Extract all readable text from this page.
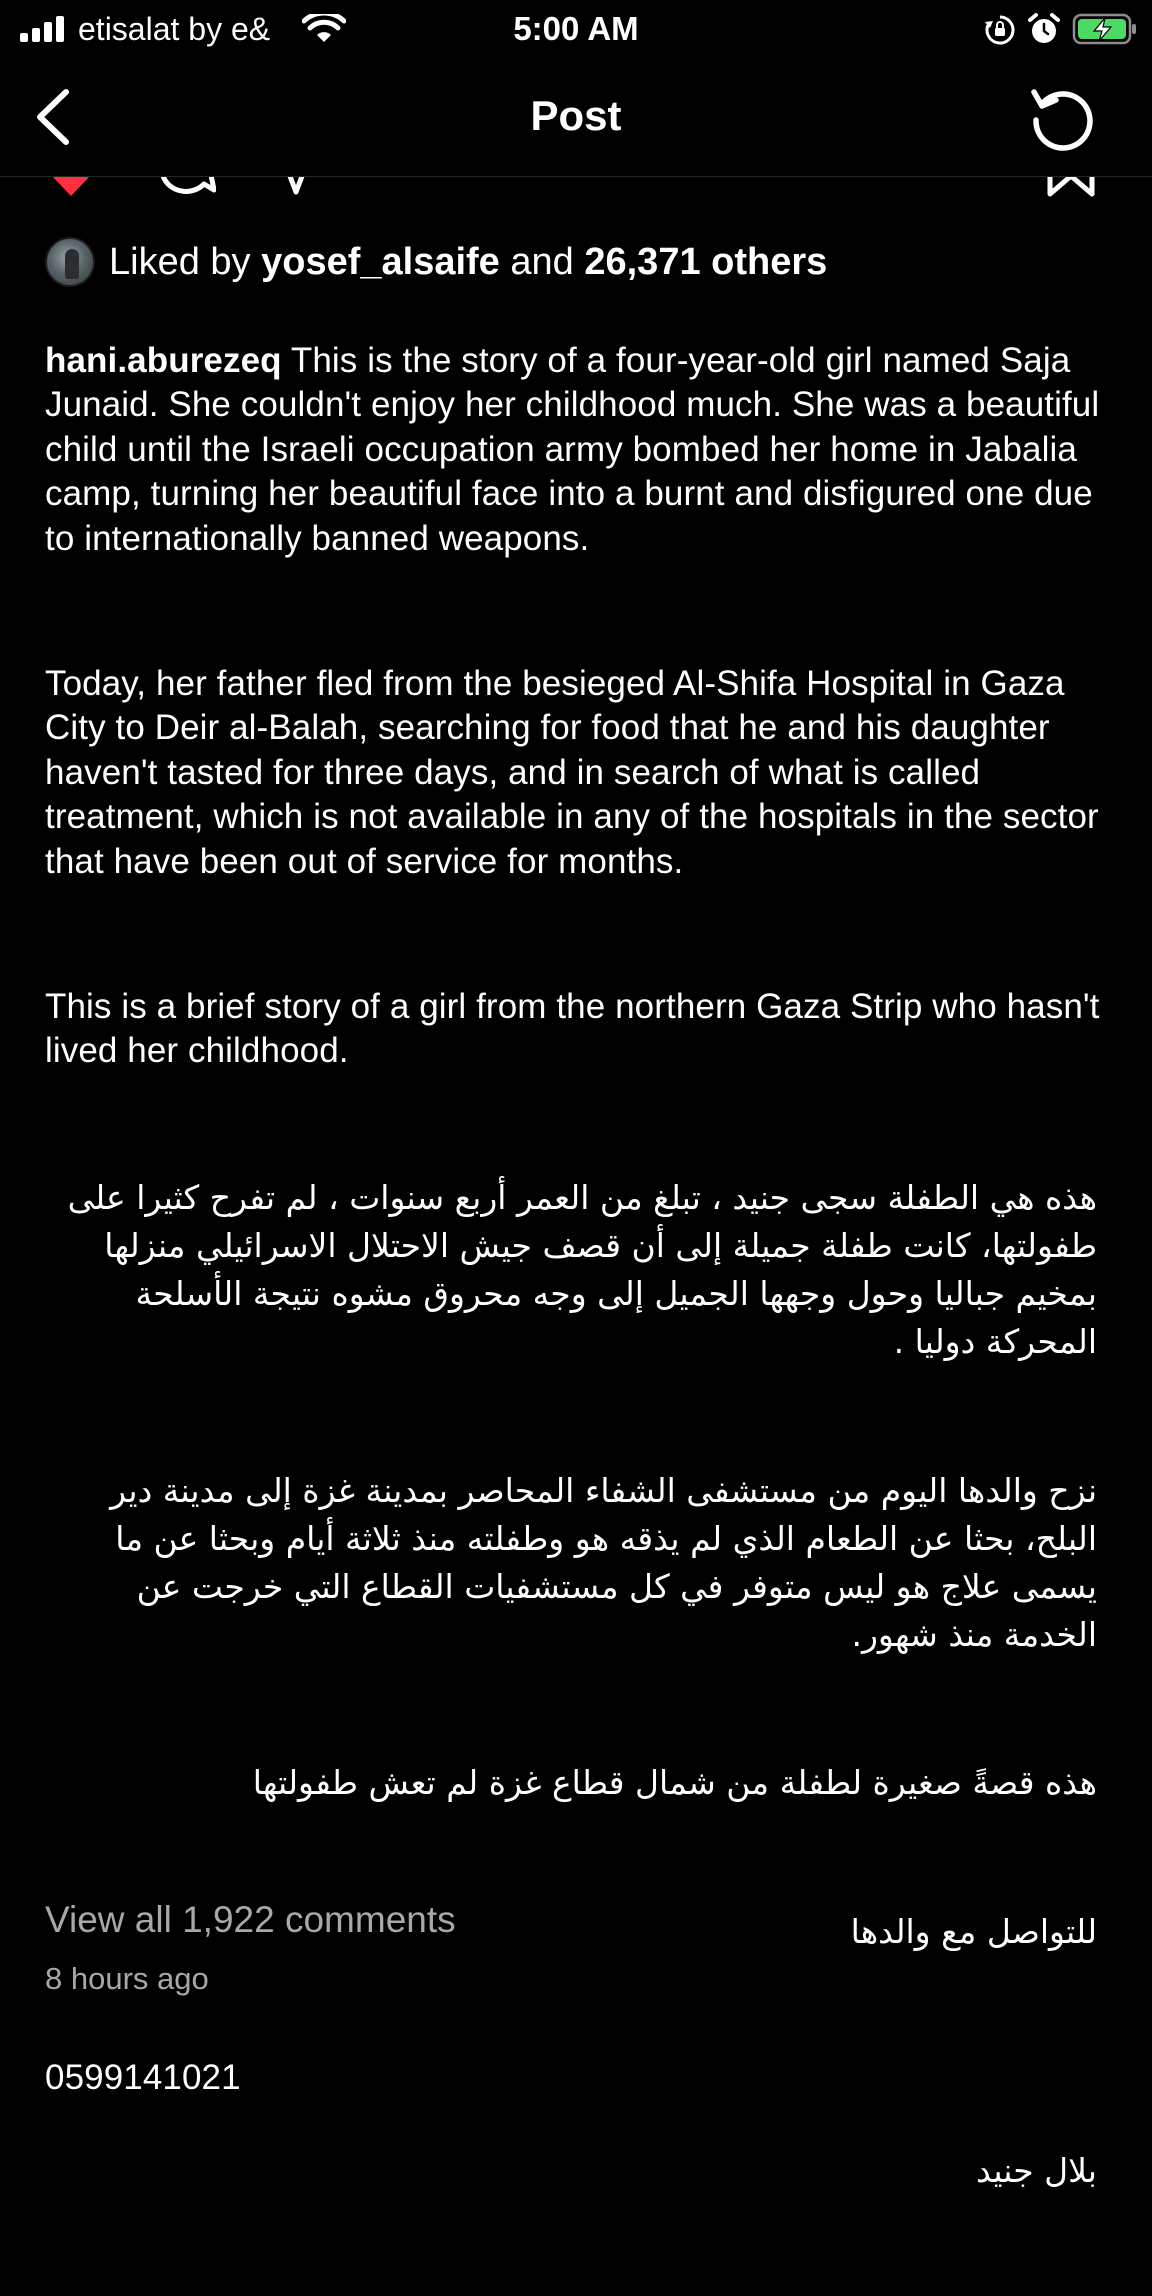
etisalat by e&	5:00 AM
Post
Liked by yosef_alsaife and 26,371 others

hani.aburezeq This is the story of a four-year-old girl named Saja Junaid. She couldn't enjoy her childhood much. She was a beautiful child until the Israeli occupation army bombed her home in Jabalia camp, turning her beautiful face into a burnt and disfigured one due to internationally banned weapons.

Today, her father fled from the besieged Al-Shifa Hospital in Gaza City to Deir al-Balah, searching for food that he and his daughter haven't tasted for three days, and in search of what is called treatment, which is not available in any of the hospitals in the sector that have been out of service for months.

This is a brief story of a girl from the northern Gaza Strip who hasn't lived her childhood.

هذه هي الطفلة سجى جنيد ، تبلغ من العمر أربع سنوات ، لم تفرح كثيرا على طفولتها، كانت طفلة جميلة إلى أن قصف جيش الاحتلال الاسرائيلي منزلها بمخيم جباليا وحول وجهها الجميل إلى وجه محروق مشوه نتيجة الأسلحة المحركة دوليا .

نزح والدها اليوم من مستشفى الشفاء المحاصر بمدينة غزة إلى مدينة دير البلح، بحثا عن الطعام الذي لم يذقه هو وطفلته منذ ثلاثة أيام وبحثا عن ما يسمى علاج هو ليس متوفر في كل مستشفيات القطاع التي خرجت عن الخدمة منذ شهور.

هذه قصةً صغيرة لطفلة من شمال قطاع غزة لم تعش طفولتها

للتواصل مع والدها

0599141021

بلال جنيد

View all 1,922 comments
8 hours ago
